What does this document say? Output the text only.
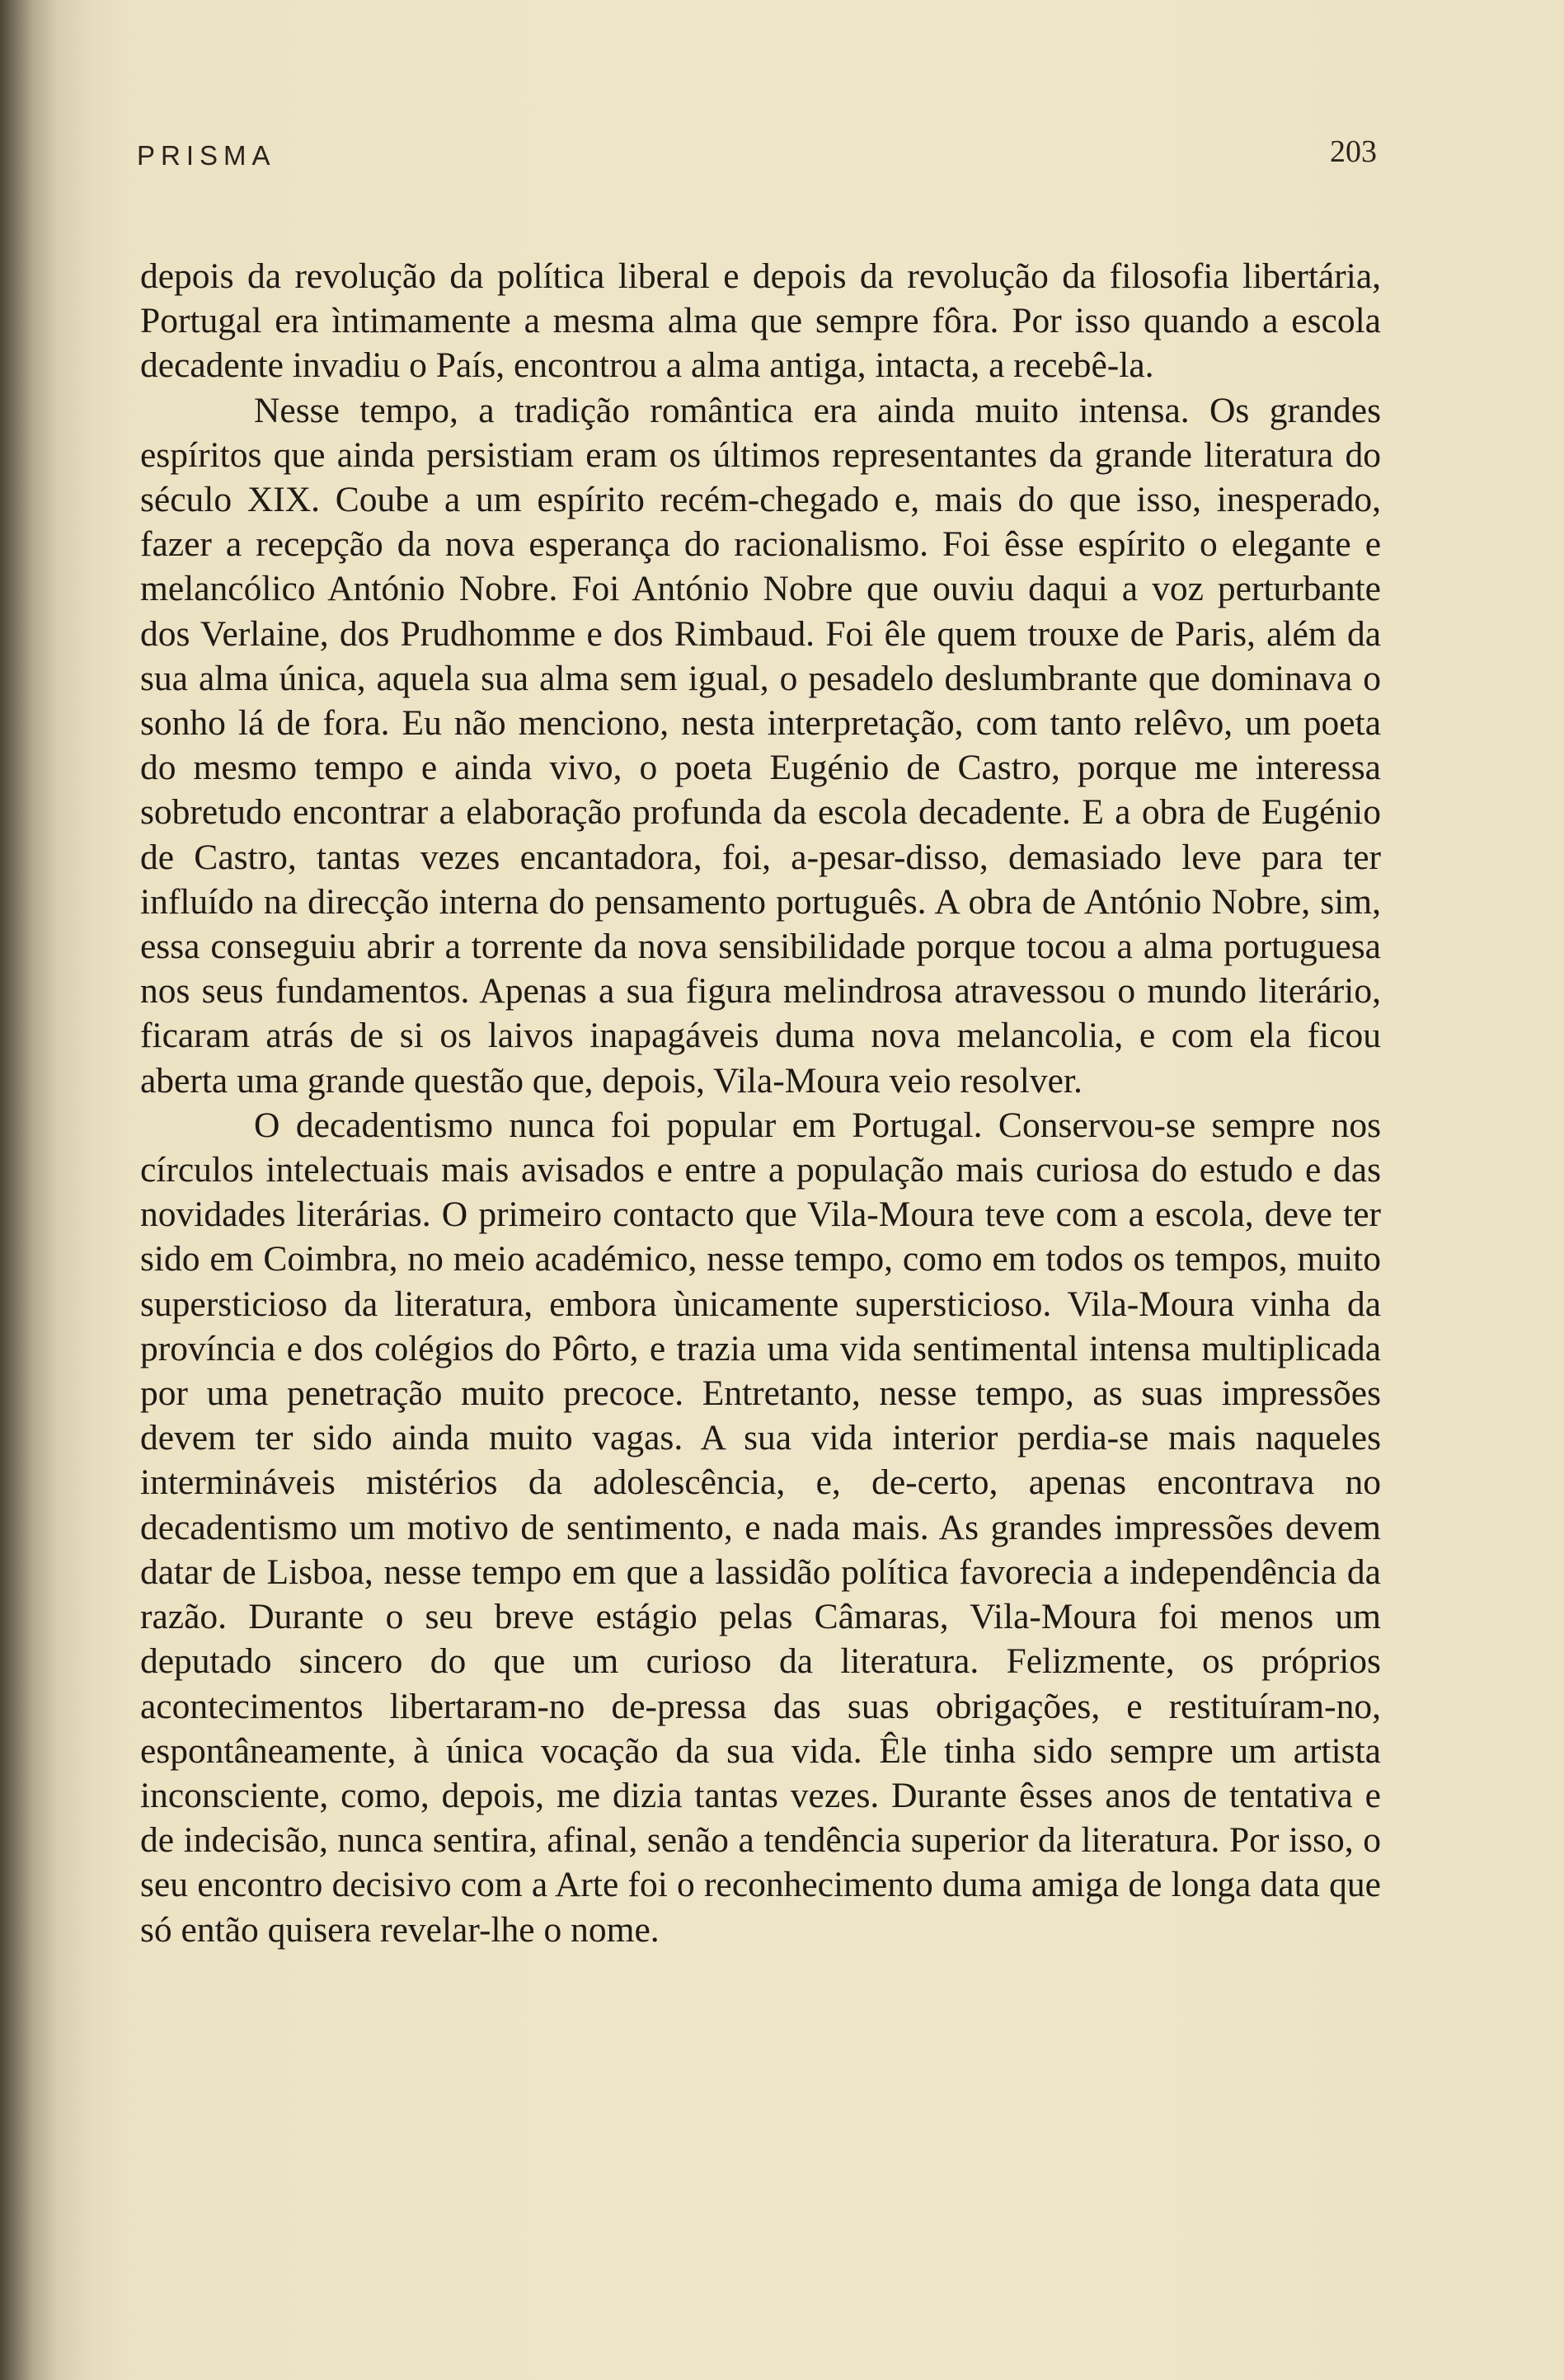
PRISMA	203

depois da revolução da política liberal e depois da revolução da filosofia libertária, Portugal era ìntimamente a mesma alma que sempre fôra. Por isso quando a escola decadente invadiu o País, encontrou a alma antiga, intacta, a recebê-la.

Nesse tempo, a tradição romântica era ainda muito intensa. Os grandes espíritos que ainda persistiam eram os últimos representantes da grande literatura do século XIX. Coube a um espírito recém-chegado e, mais do que isso, inesperado, fazer a recepção da nova esperança do racionalismo. Foi êsse espírito o elegante e melancólico António Nobre. Foi António Nobre que ouviu daqui a voz perturbante dos Verlaine, dos Prudhomme e dos Rimbaud. Foi êle quem trouxe de Paris, além da sua alma única, aquela sua alma sem igual, o pesadelo deslumbrante que dominava o sonho lá de fora. Eu não menciono, nesta interpretação, com tanto relêvo, um poeta do mesmo tempo e ainda vivo, o poeta Eugénio de Castro, porque me interessa sobretudo encontrar a elaboração profunda da escola decadente. E a obra de Eugénio de Castro, tantas vezes encantadora, foi, a-pesar-disso, demasiado leve para ter influído na direcção interna do pensamento português. A obra de António Nobre, sim, essa conseguiu abrir a torrente da nova sensibilidade porque tocou a alma portuguesa nos seus fundamentos. Apenas a sua figura melindrosa atravessou o mundo literário, ficaram atrás de si os laivos inapagáveis duma nova melancolia, e com ela ficou aberta uma grande questão que, depois, Vila-Moura veio resolver.

O decadentismo nunca foi popular em Portugal. Conservou-se sempre nos círculos intelectuais mais avisados e entre a população mais curiosa do estudo e das novidades literárias. O primeiro contacto que Vila-Moura teve com a escola, deve ter sido em Coimbra, no meio académico, nesse tempo, como em todos os tempos, muito supersticioso da literatura, embora ùnicamente supersticioso. Vila-Moura vinha da província e dos colégios do Pôrto, e trazia uma vida sentimental intensa multiplicada por uma penetração muito precoce. Entretanto, nesse tempo, as suas impressões devem ter sido ainda muito vagas. A sua vida interior perdia-se mais naqueles intermináveis mistérios da adolescência, e, de-certo, apenas encontrava no decadentismo um motivo de sentimento, e nada mais. As grandes impressões devem datar de Lisboa, nesse tempo em que a lassidão política favorecia a independência da razão. Durante o seu breve estágio pelas Câmaras, Vila-Moura foi menos um deputado sincero do que um curioso da literatura. Felizmente, os próprios acontecimentos libertaram-no de-pressa das suas obrigações, e restituíram-no, espontâneamente, à única vocação da sua vida. Êle tinha sido sempre um artista inconsciente, como, depois, me dizia tantas vezes. Durante êsses anos de tentativa e de indecisão, nunca sentira, afinal, senão a tendência superior da literatura. Por isso, o seu encontro decisivo com a Arte foi o reconhecimento duma amiga de longa data que só então quisera revelar-lhe o nome.
